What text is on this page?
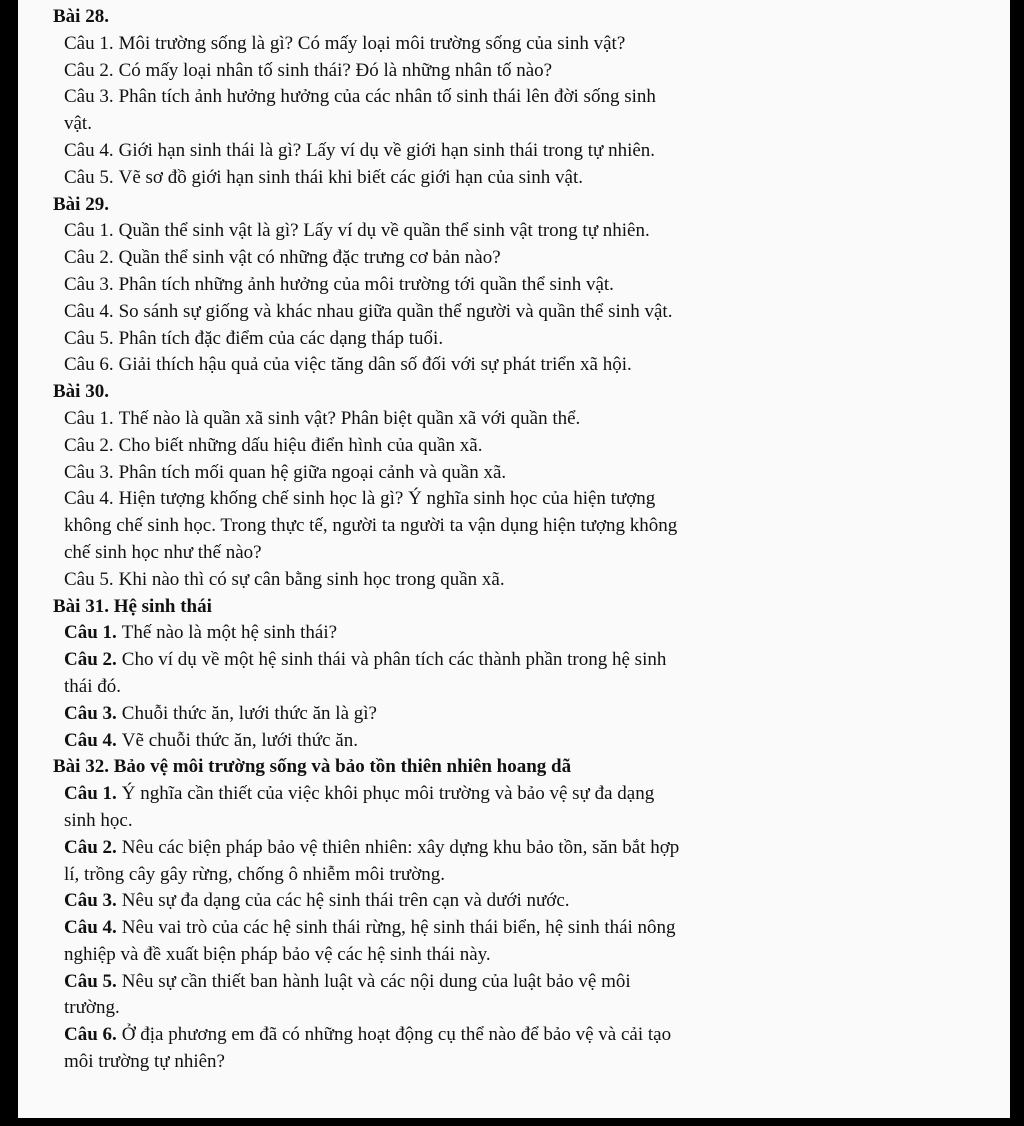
Bài 28.
Câu 1. Môi trường sống là gì? Có mấy loại môi trường sống của sinh vật?
Câu 2. Có mấy loại nhân tố sinh thái? Đó là những nhân tố nào?
Câu 3. Phân tích ảnh hưởng hưởng của các nhân tố sinh thái lên đời sống sinh
vật.
Câu 4. Giới hạn sinh thái là gì? Lấy ví dụ về giới hạn sinh thái trong tự nhiên.
Câu 5. Vẽ sơ đồ giới hạn sinh thái khi biết các giới hạn của sinh vật.
Bài 29.
Câu 1. Quần thể sinh vật là gì? Lấy ví dụ về quần thể sinh vật trong tự nhiên.
Câu 2. Quần thể sinh vật có những đặc trưng cơ bản nào?
Câu 3. Phân tích những ảnh hưởng của môi trường tới quần thể sinh vật.
Câu 4. So sánh sự giống và khác nhau giữa quần thể người và quần thể sinh vật.
Câu 5. Phân tích đặc điểm của các dạng tháp tuổi.
Câu 6. Giải thích hậu quả của việc tăng dân số đối với sự phát triển xã hội.
Bài 30.
Câu 1. Thế nào là quần xã sinh vật? Phân biệt quần xã với quần thể.
Câu 2. Cho biết những dấu hiệu điển hình của quần xã.
Câu 3. Phân tích mối quan hệ giữa ngoại cảnh và quần xã.
Câu 4. Hiện tượng khống chế sinh học là gì? Ý nghĩa sinh học của hiện tượng
không chế sinh học. Trong thực tế, người ta người ta vận dụng hiện tượng không
chế sinh học như thế nào?
Câu 5. Khi nào thì có sự cân bằng sinh học trong quần xã.
Bài 31. Hệ sinh thái
Câu 1. Thế nào là một hệ sinh thái?
Câu 2. Cho ví dụ về một hệ sinh thái và phân tích các thành phần trong hệ sinh
thái đó.
Câu 3. Chuỗi thức ăn, lưới thức ăn là gì?
Câu 4. Vẽ chuỗi thức ăn, lưới thức ăn.
Bài 32. Bảo vệ môi trường sống và bảo tồn thiên nhiên hoang dã
Câu 1. Ý nghĩa cần thiết của việc khôi phục môi trường và bảo vệ sự đa dạng
sinh học.
Câu 2. Nêu các biện pháp bảo vệ thiên nhiên: xây dựng khu bảo tồn, săn bắt hợp
lí, trồng cây gây rừng, chống ô nhiễm môi trường.
Câu 3. Nêu sự đa dạng của các hệ sinh thái trên cạn và dưới nước.
Câu 4. Nêu vai trò của các hệ sinh thái rừng, hệ sinh thái biển, hệ sinh thái nông
nghiệp và đề xuất biện pháp bảo vệ các hệ sinh thái này.
Câu 5. Nêu sự cần thiết ban hành luật và các nội dung của luật bảo vệ môi
trường.
Câu 6. Ở địa phương em đã có những hoạt động cụ thể nào để bảo vệ và cải tạo
môi trường tự nhiên?
